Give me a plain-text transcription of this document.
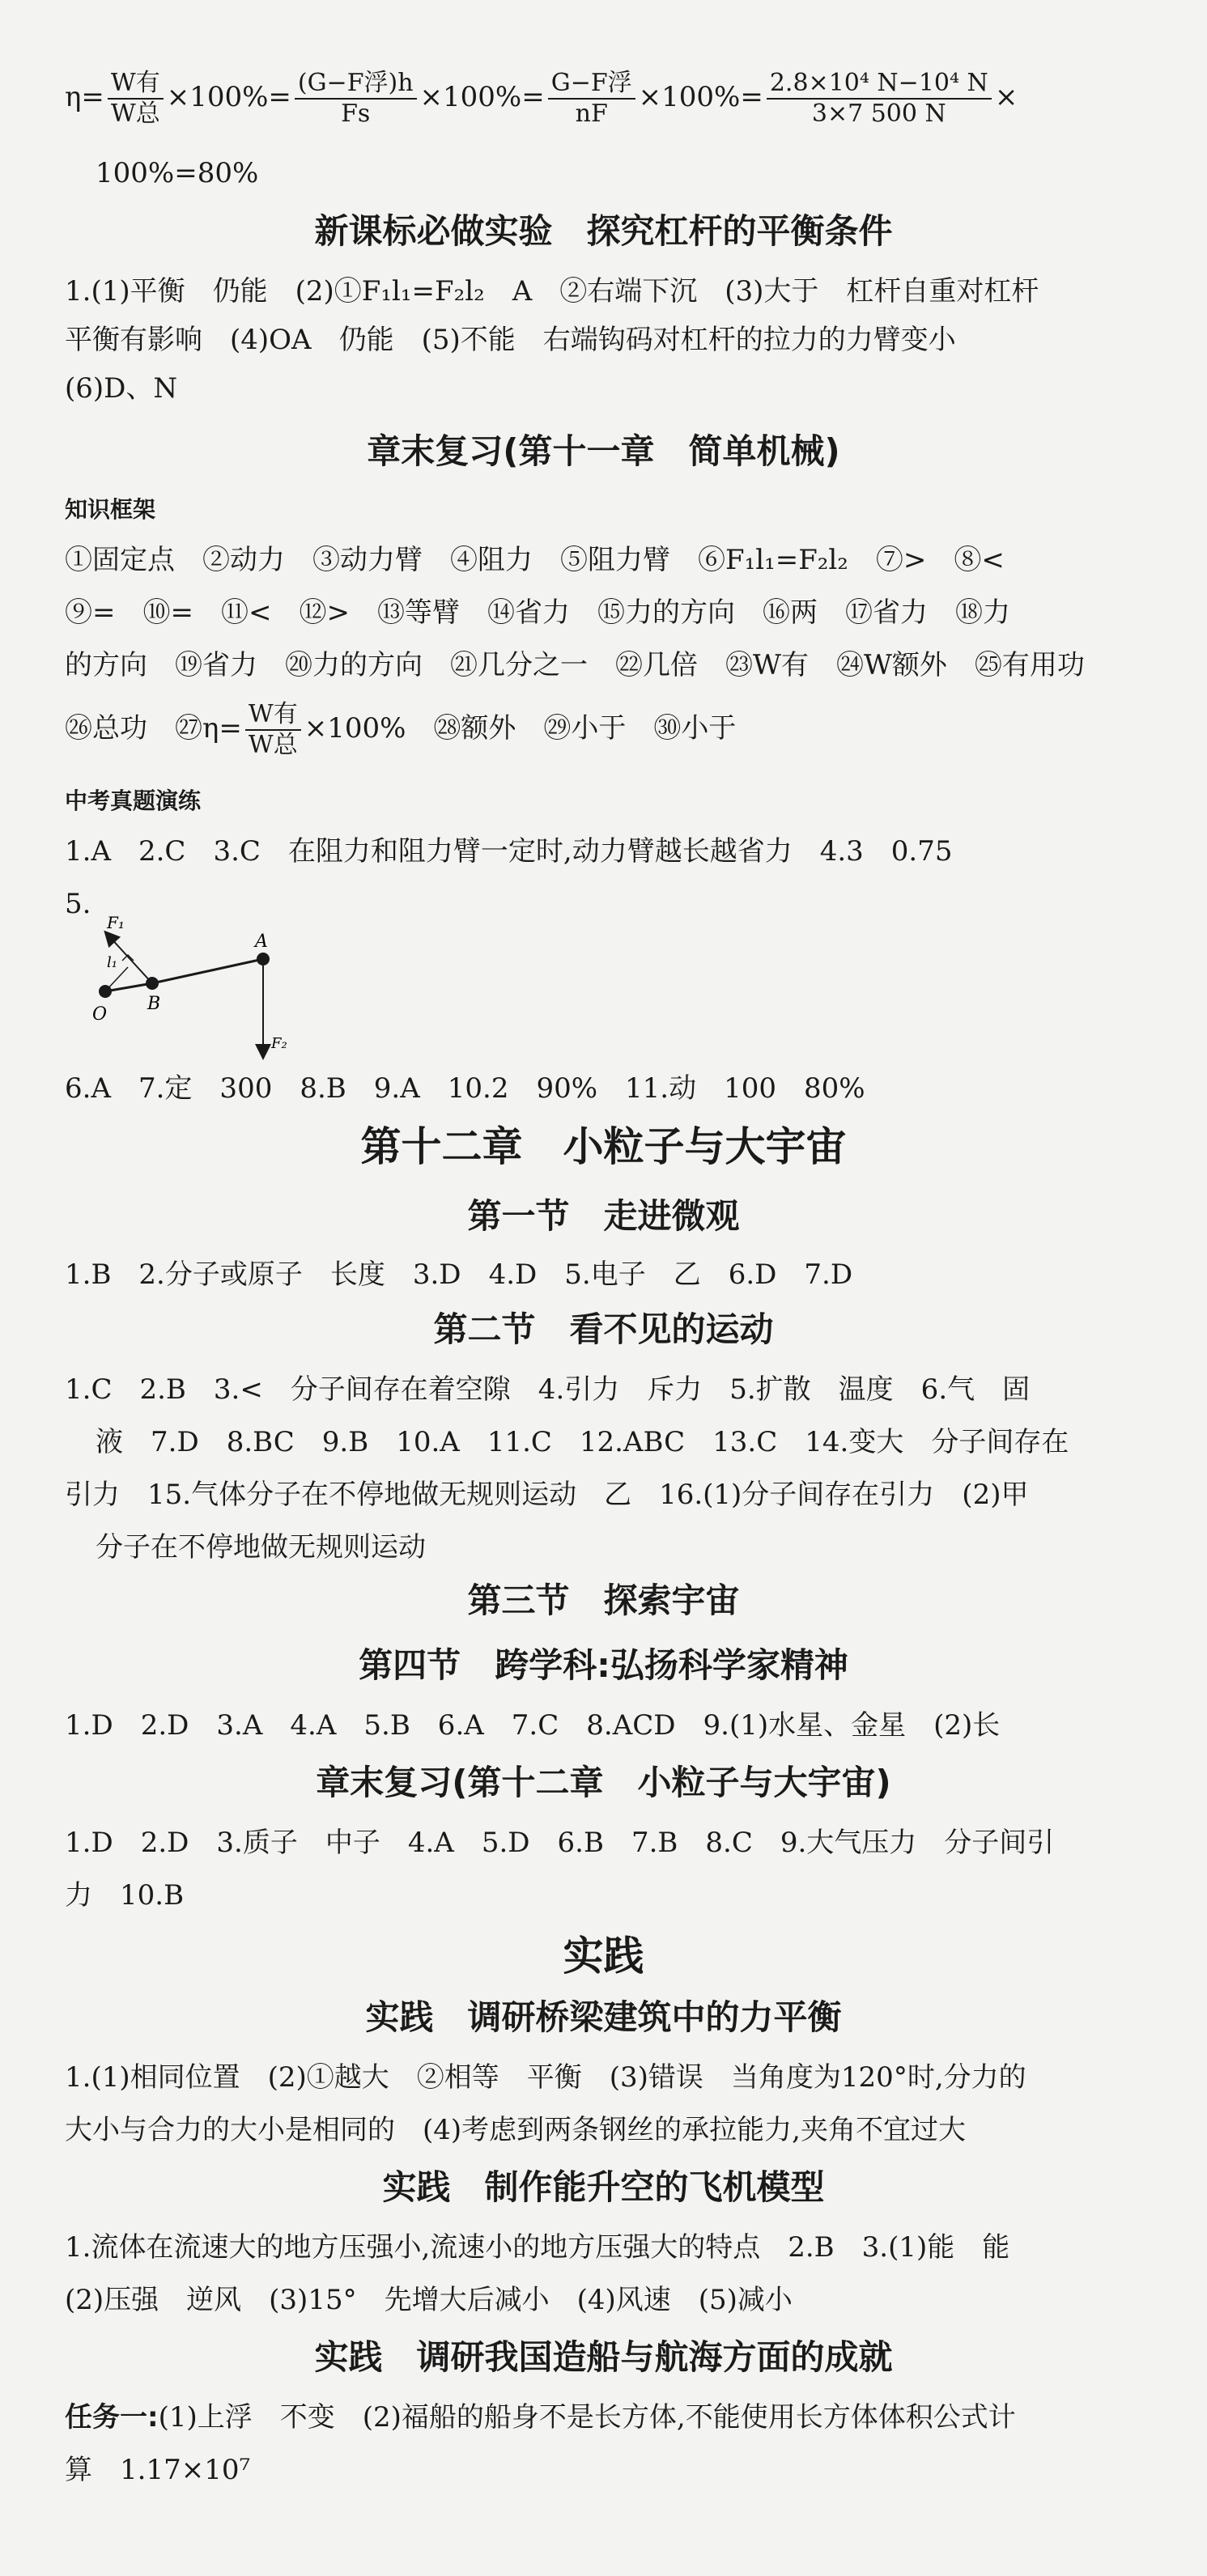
$\eta= \frac{\text{W有}}{\text{W总}} \times 100\%= \frac{\text{(G−F浮)h}}{Fs} \times 100\%= \frac{\text{G−F浮}}{nF} \times 100\%= \frac{\text{2.8×10⁴ N−10⁴ N}}{3\times 7 500 N}$ ×
100%=80%
新课标必做实验　探究杠杆的平衡条件
1.(1)平衡　仍能　(2)①F₁l₁=F₂l₂　A　②右端下沉　(3)大于　杠杆自重对杠杆
平衡有影响　(4)OA　仍能　(5)不能　右端钩码对杠杆的拉力的力臂变小
(6)D、N
章末复习(第十一章　简单机械)
知识框架
①固定点　②动力　③动力臂　④阻力　⑤阻力臂　⑥F₁l₁=F₂l₂　⑦>　⑧<
⑨=　⑩=　⑪<　⑫>　⑬等臂　⑭省力　⑮力的方向　⑯两　⑰省力　⑱力
的方向　⑲省力　⑳力的方向　㉑几分之一　㉒几倍　㉓W有　㉔W额外　㉕有用功
㉖总功　㉗η= $\frac{\text{W有}}{\text{W总}} \times 100\%$　㉘额外　㉙小于　㉚小于
中考真题演练
1.A　2.C　3.C　在阻力和阻力臂一定时,动力臂越长越省力　4.3　0.75
5.
F₁
l₁
O
B
A
F₂
6.A　7.定　300　8.B　9.A　10.2　90%　11.动　100　80%
第十二章　小粒子与大宇宙
第一节　走进微观
1.B　2.分子或原子　长度　3.D　4.D　5.电子　乙　6.D　7.D
第二节　看不见的运动
1.C　2.B　3.<　分子间存在着空隙　4.引力　斥力　5.扩散　温度　6.气　固
液　7.D　8.BC　9.B　10.A　11.C　12.ABC　13.C　14.变大　分子间存在
引力　15.气体分子在不停地做无规则运动　乙　16.(1)分子间存在引力　(2)甲
分子在不停地做无规则运动
第三节　探索宇宙
第四节　跨学科:弘扬科学家精神
1.D　2.D　3.A　4.A　5.B　6.A　7.C　8.ACD　9.(1)水星、金星　(2)长
章末复习(第十二章　小粒子与大宇宙)
1.D　2.D　3.质子　中子　4.A　5.D　6.B　7.B　8.C　9.大气压力　分子间引
力　10.B
实践
实践　调研桥梁建筑中的力平衡
1.(1)相同位置　(2)①越大　②相等　平衡　(3)错误　当角度为120°时,分力的
大小与合力的大小是相同的　(4)考虑到两条钢丝的承拉能力,夹角不宜过大
实践　制作能升空的飞机模型
1.流体在流速大的地方压强小,流速小的地方压强大的特点　2.B　3.(1)能　能
(2)压强　逆风　(3)15°　先增大后减小　(4)风速　(5)减小
实践　调研我国造船与航海方面的成就
任务一:(1)上浮　不变　(2)福船的船身不是长方体,不能使用长方体体积公式计
算　1.17×10⁷
